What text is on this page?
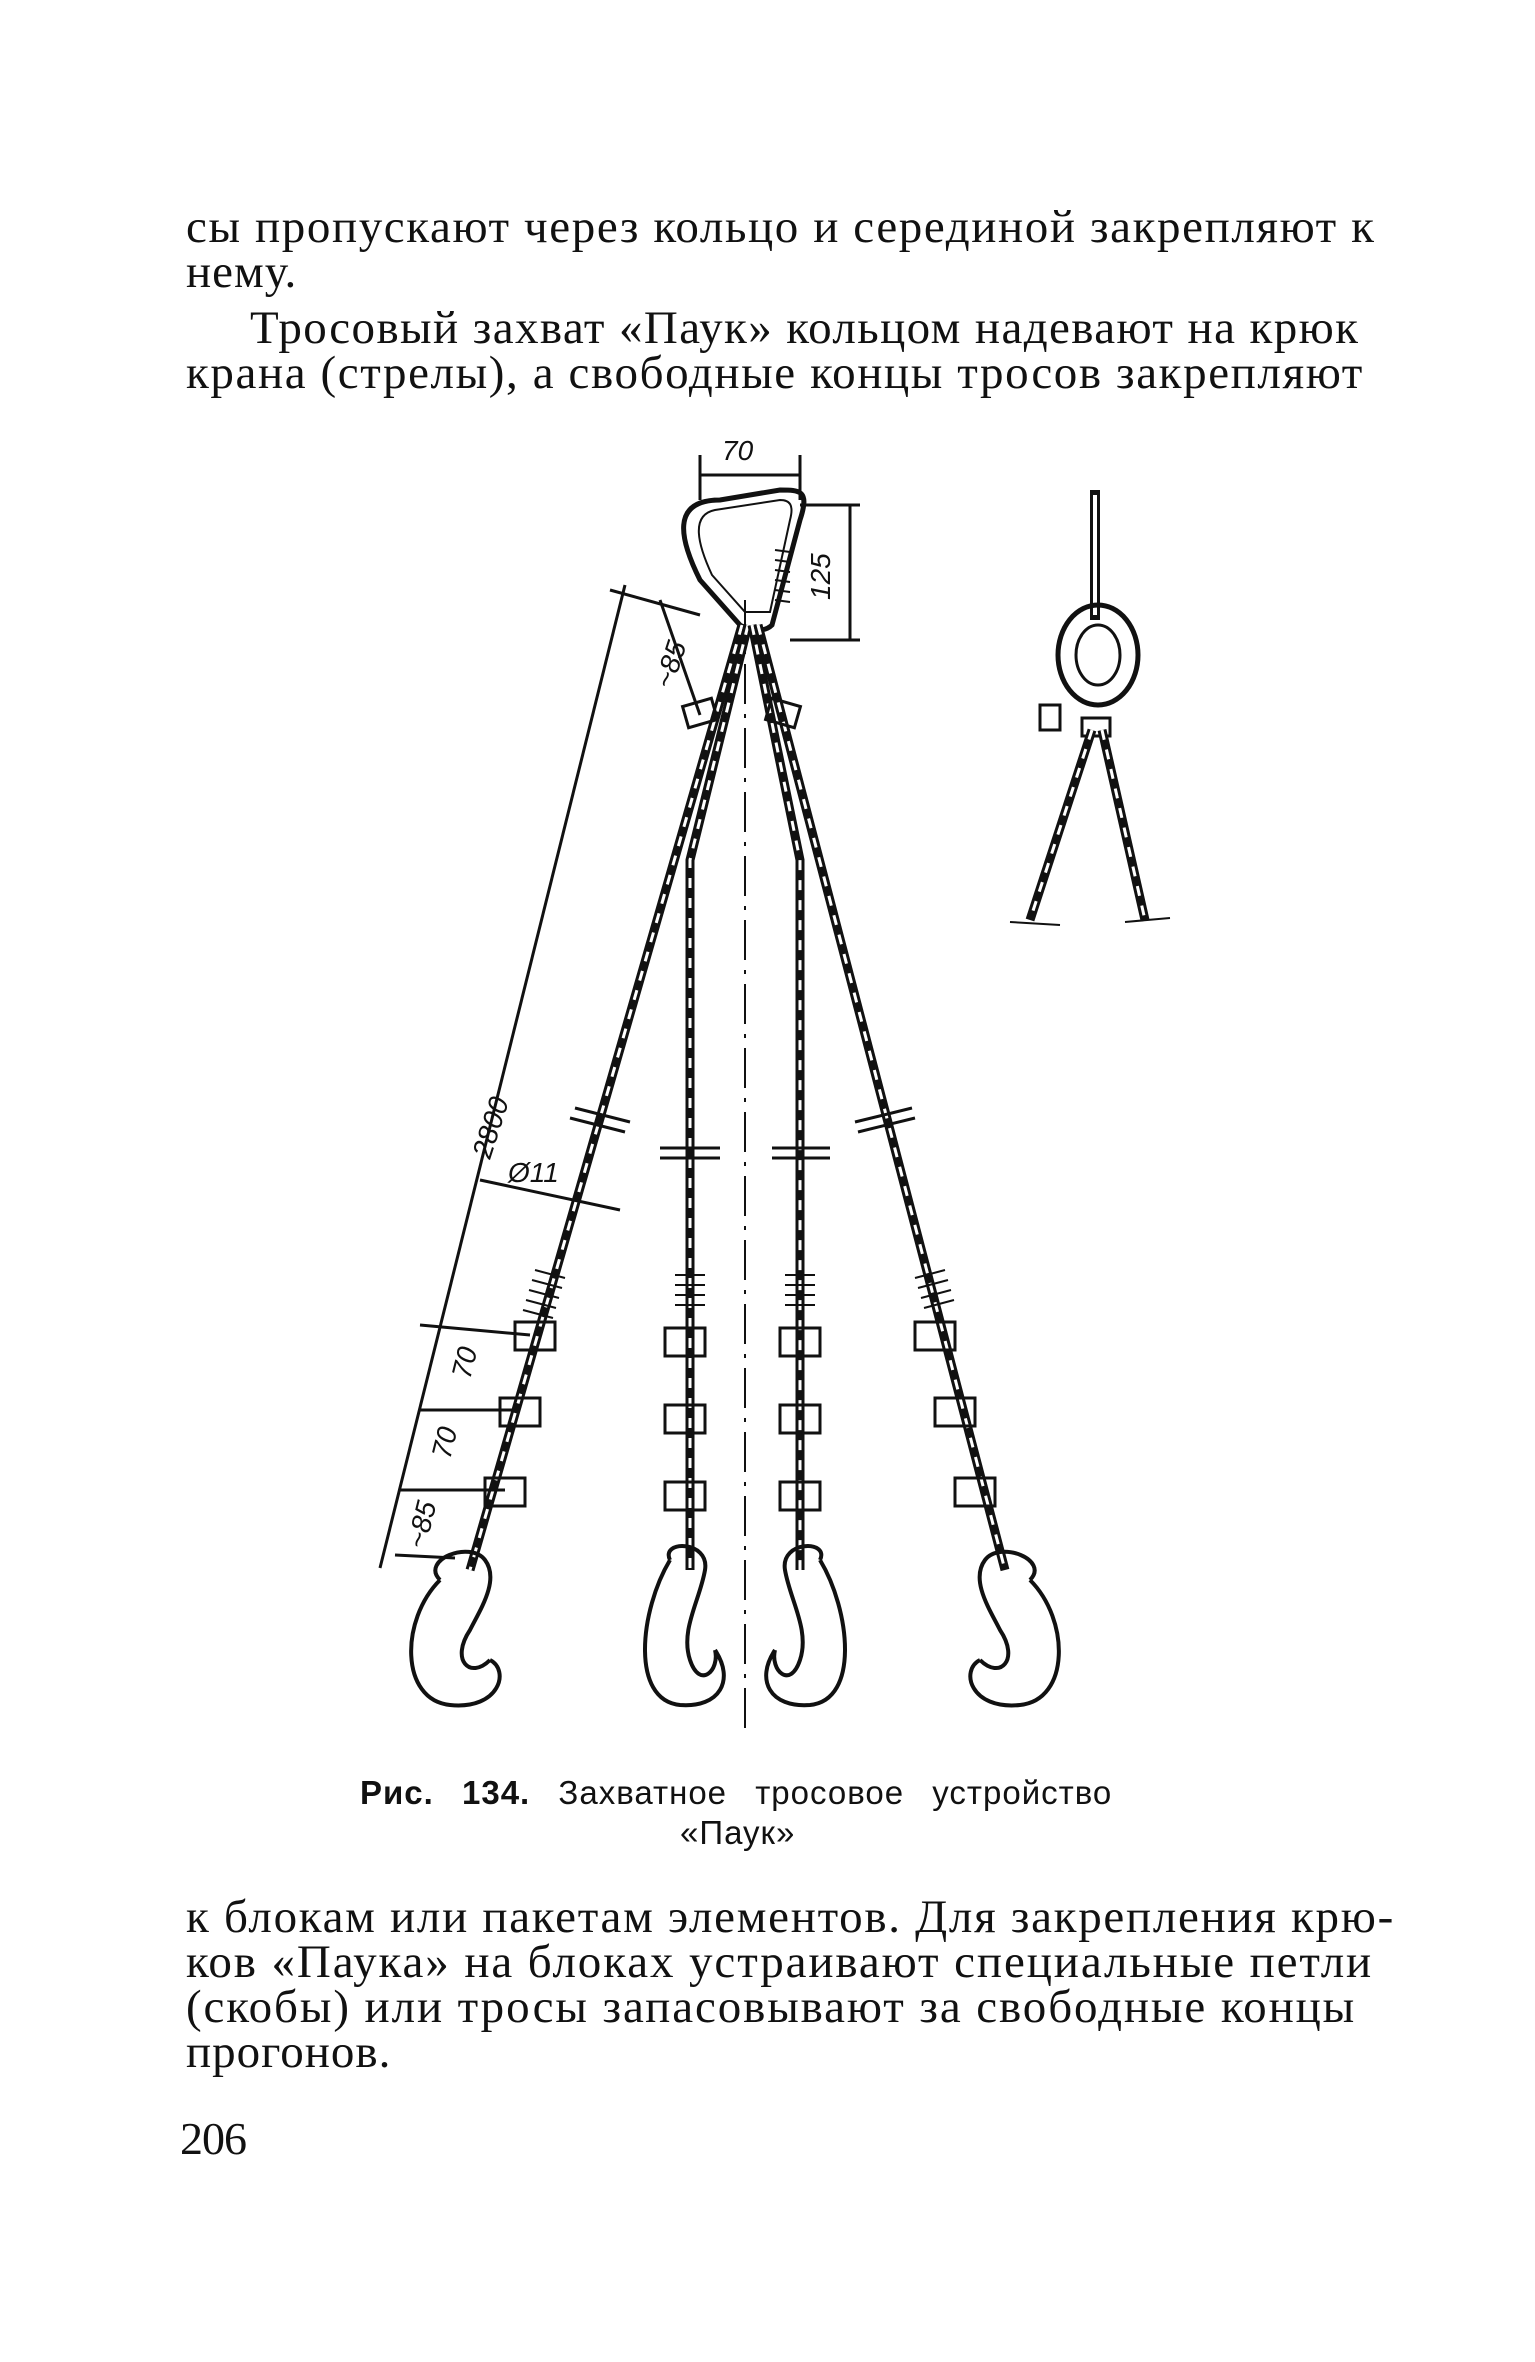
сы пропускают через кольцо и серединой закрепляют к
нему.
Тросовый захват «Паук» кольцом надевают на крюк
крана (стрелы), а свободные концы тросов закрепляют
70
125
~85
2800
Ø11
70
70
~85
Рис. 134. Захватное тросовое устройство
«Паук»
к блокам или пакетам элементов. Для закрепления крю-
ков «Паука» на блоках устраивают специальные петли
(скобы) или тросы запасовывают за свободные концы
прогонов.
206
